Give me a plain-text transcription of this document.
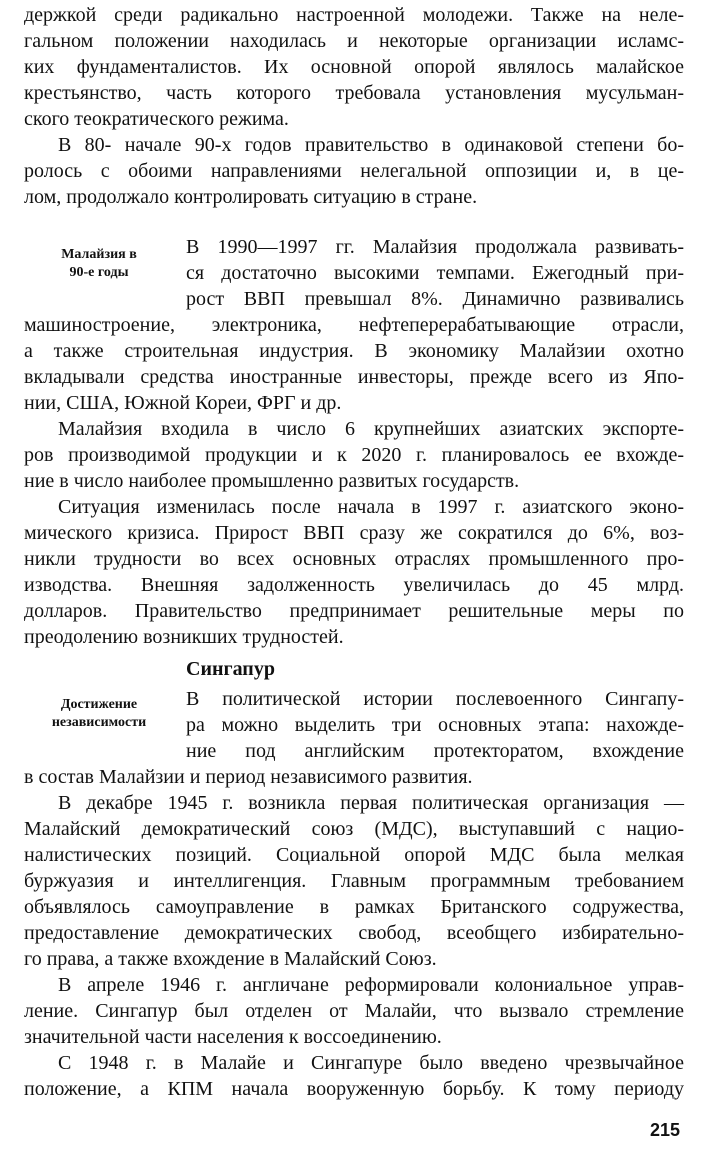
держкой среди радикально настроенной молодежи. Также на неле-
гальном положении находилась и некоторые организации исламс-
ких фундаменталистов. Их основной опорой являлось малайское
крестьянство, часть которого требовала установления мусульман-
ского теократического режима.
В 80- начале 90-х годов правительство в одинаковой степени бо-
ролось с обоими направлениями нелегальной оппозиции и, в це-
лом, продолжало контролировать ситуацию в стране.
Малайзия в
90-е годы
В 1990—1997 гг. Малайзия продолжала развивать-
ся достаточно высокими темпами. Ежегодный при-
рост ВВП превышал 8%. Динамично развивались
машиностроение, электроника, нефтеперерабатывающие отрасли,
а также строительная индустрия. В экономику Малайзии охотно
вкладывали средства иностранные инвесторы, прежде всего из Япо-
нии, США, Южной Кореи, ФРГ и др.
Малайзия входила в число 6 крупнейших азиатских экспорте-
ров производимой продукции и к 2020 г. планировалось ее вхожде-
ние в число наиболее промышленно развитых государств.
Ситуация изменилась после начала в 1997 г. азиатского эконо-
мического кризиса. Прирост ВВП сразу же сократился до 6%, воз-
никли трудности во всех основных отраслях промышленного про-
изводства. Внешняя задолженность увеличилась до 45 млрд.
долларов. Правительство предпринимает решительные меры по
преодолению возникших трудностей.
Сингапур
Достижение
независимости
В политической истории послевоенного Сингапу-
ра можно выделить три основных этапа: нахожде-
ние под английским протекторатом, вхождение
в состав Малайзии и период независимого развития.
В декабре 1945 г. возникла первая политическая организация —
Малайский демократический союз (МДС), выступавший с нацио-
налистических позиций. Социальной опорой МДС была мелкая
буржуазия и интеллигенция. Главным программным требованием
объявлялось самоуправление в рамках Британского содружества,
предоставление демократических свобод, всеобщего избирательно-
го права, а также вхождение в Малайский Союз.
В апреле 1946 г. англичане реформировали колониальное управ-
ление. Сингапур был отделен от Малайи, что вызвало стремление
значительной части населения к воссоединению.
С 1948 г. в Малайе и Сингапуре было введено чрезвычайное
положение, а КПМ начала вооруженную борьбу. К тому периоду
215
